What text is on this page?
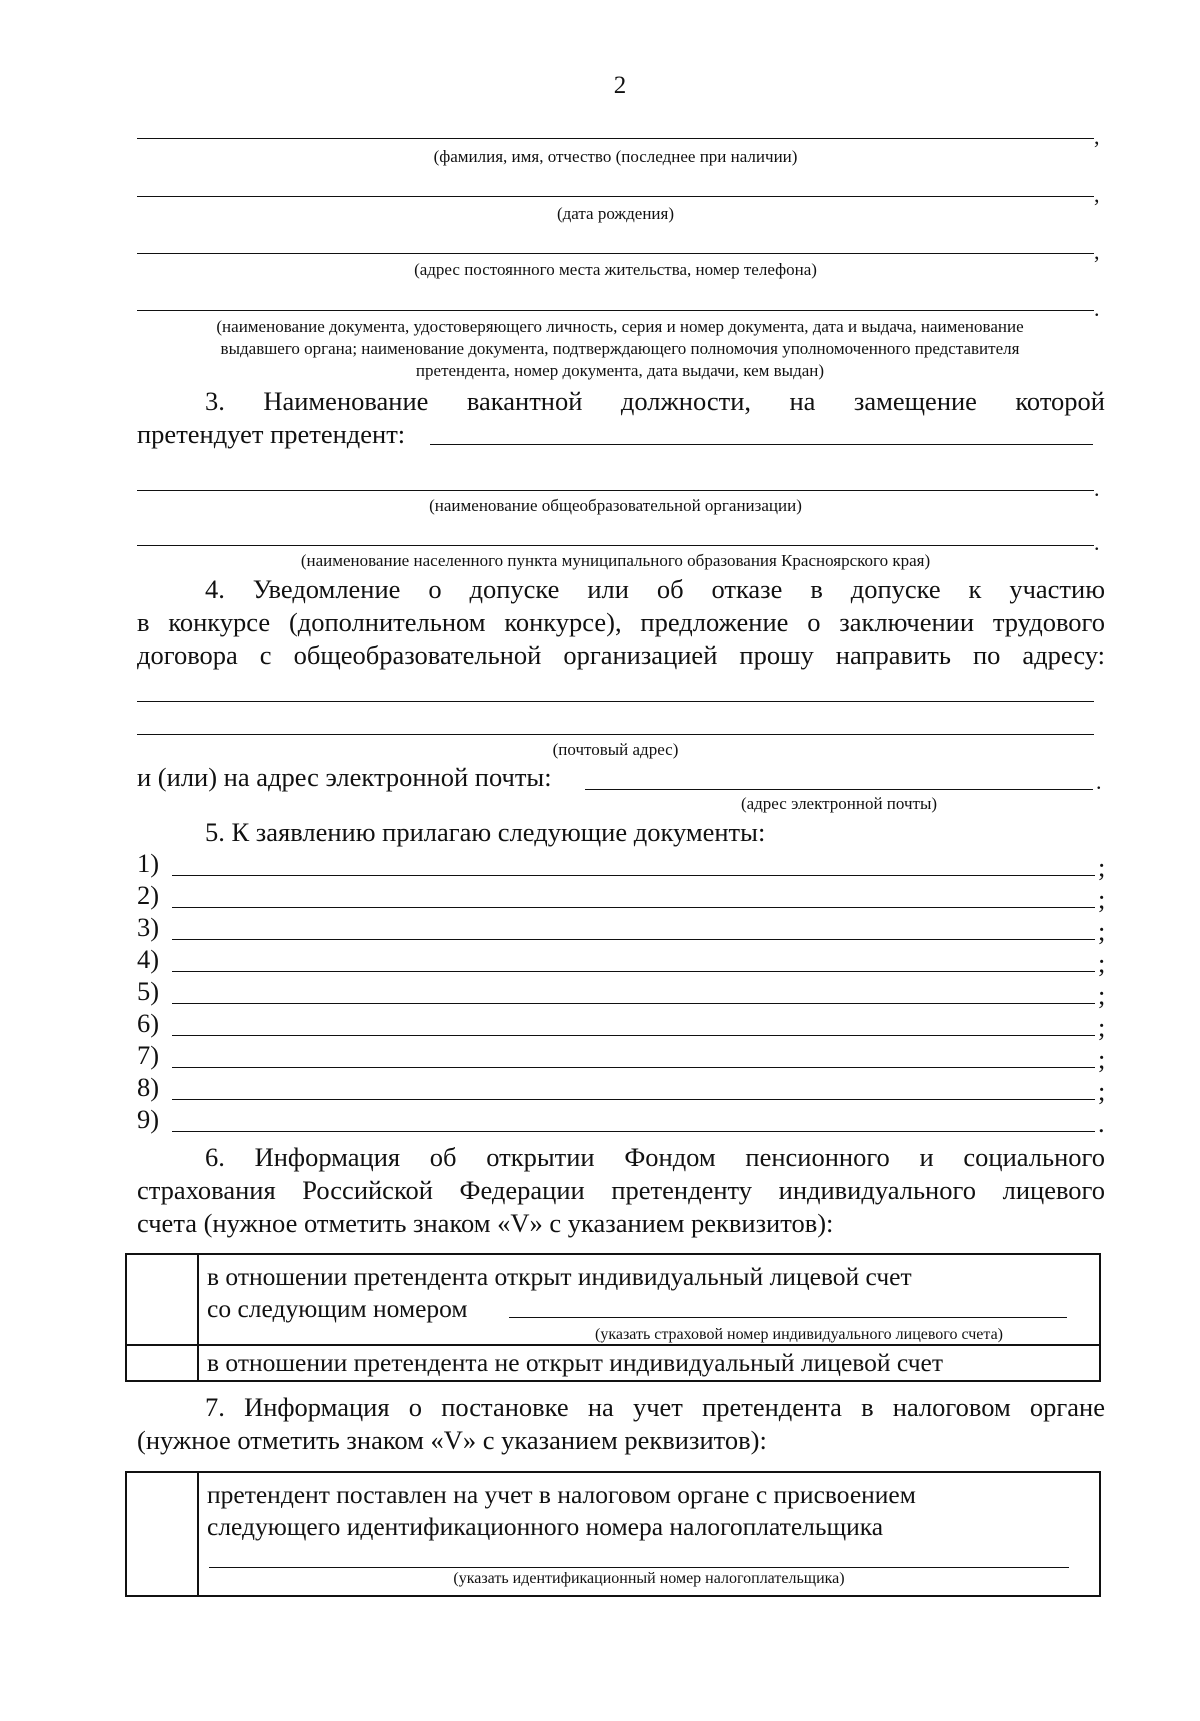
2
,
(фамилия, имя, отчество (последнее при наличии)
,
(дата рождения)
,
(адрес постоянного места жительства, номер телефона)
.
(наименование документа, удостоверяющего личность, серия и номер документа, дата и выдача, наименование
выдавшего органа; наименование документа, подтверждающего полномочия уполномоченного представителя
претендента, номер документа, дата выдачи, кем выдан)
3. Наименование вакантной должности, на замещение которой
претендует претендент:
.
(наименование общеобразовательной организации)
.
(наименование населенного пункта муниципального образования Красноярского края)
4. Уведомление о допуске или об отказе в допуске к участию
в конкурсе (дополнительном конкурсе), предложение о заключении трудового
договора с общеобразовательной организацией прошу направить по адресу:
(почтовый адрес)
и (или) на адрес электронной почты:	.
(адрес электронной почты)
5. К заявлению прилагаю следующие документы:
1)	;
2)	;
3)	;
4)	;
5)	;
6)	;
7)	;
8)	;
9)	.
6. Информация об открытии Фондом пенсионного и социального
страхования Российской Федерации претенденту индивидуального лицевого
счета (нужное отметить знаком «V» с указанием реквизитов):

	в отношении претендента открыт индивидуальный лицевой счет
со следующим номером
(указать страховой номер индивидуального лицевого счета)

	в отношении претендента не открыт индивидуальный лицевой счет
7. Информация о постановке на учет претендента в налоговом органе
(нужное отметить знаком «V» с указанием реквизитов):

претендент поставлен на учет в налоговом органе с присвоением
следующего идентификационного номера налогоплательщика
(указать идентификационный номер налогоплательщика)
